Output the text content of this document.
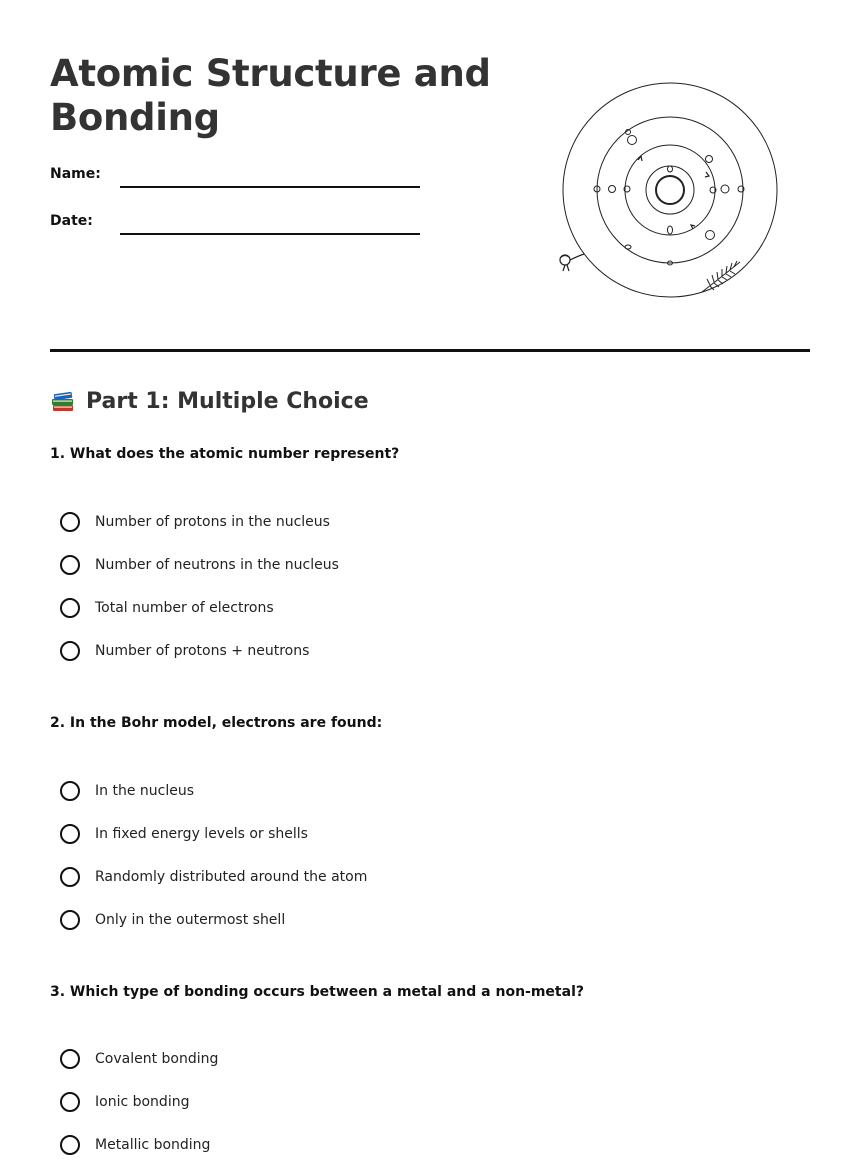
Atomic Structure and Bonding
Name:
Date:
Part 1: Multiple Choice

1. What does the atomic number represent?

Number of protons in the nucleus
Number of neutrons in the nucleus
Total number of electrons
Number of protons + neutrons

2. In the Bohr model, electrons are found:

In the nucleus
In fixed energy levels or shells
Randomly distributed around the atom
Only in the outermost shell

3. Which type of bonding occurs between a metal and a non-metal?

Covalent bonding
Ionic bonding
Metallic bonding
